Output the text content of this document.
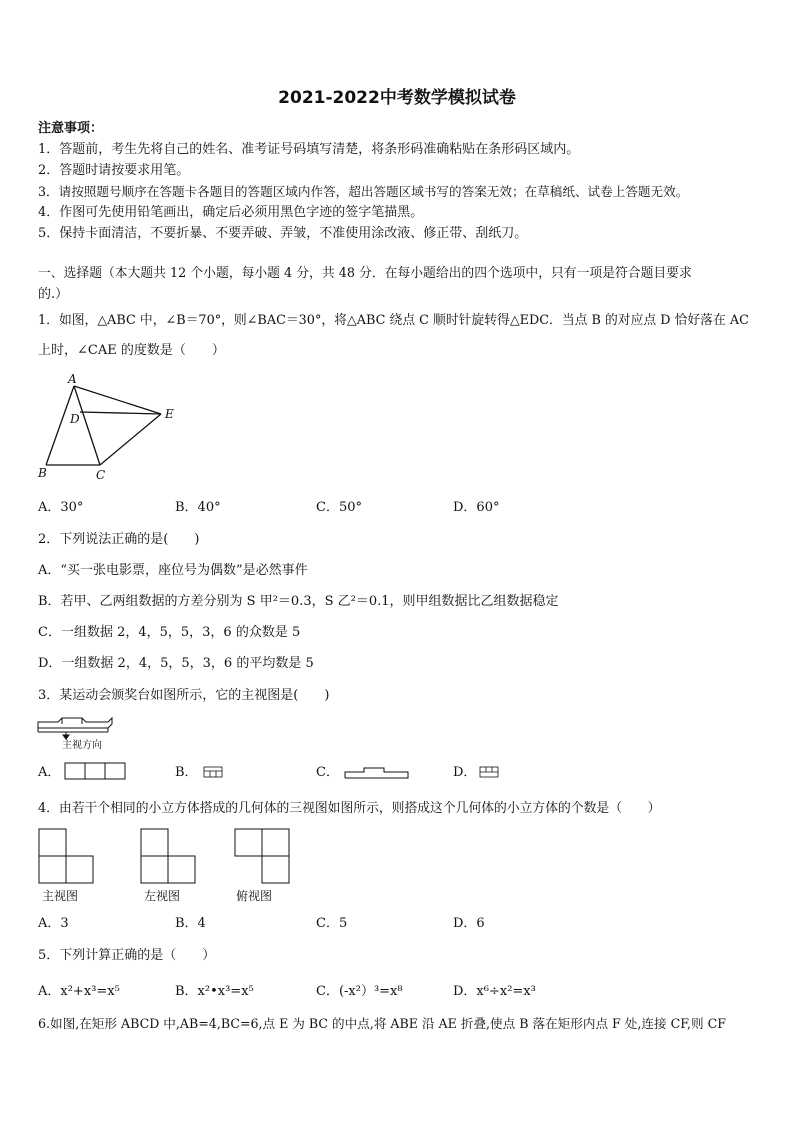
2021-2022中考数学模拟试卷
注意事项：
1．答题前，考生先将自己的姓名、准考证号码填写清楚，将条形码准确粘贴在条形码区域内。
2．答题时请按要求用笔。
3．请按照题号顺序在答题卡各题目的答题区域内作答，超出答题区域书写的答案无效；在草稿纸、试卷上答题无效。
4．作图可先使用铅笔画出，确定后必须用黑色字迹的签字笔描黑。
5．保持卡面清洁，不要折暴、不要弄破、弄皱，不准使用涂改液、修正带、刮纸刀。
一、选择题（本大题共 12 个小题，每小题 4 分，共 48 分．在每小题给出的四个选项中，只有一项是符合题目要求
的.）
1．如图，△ABC 中，∠B＝70°，则∠BAC＝30°，将△ABC 绕点 C 顺时针旋转得△EDC．当点 B 的对应点 D 恰好落在 AC
上时，∠CAE 的度数是（　　）
A
D	E
B	C
A．30°	B．40°	C．50°	D．60°
2．下列说法正确的是(　　)
A．“买一张电影票，座位号为偶数”是必然事件
B．若甲、乙两组数据的方差分别为 S 甲²＝0.3，S 乙²＝0.1，则甲组数据比乙组数据稳定
C．一组数据 2，4，5，5，3，6 的众数是 5
D．一组数据 2，4，5，5，3，6 的平均数是 5
3．某运动会颁奖台如图所示，它的主视图是(　　)
主视方向
A．	B．	C．	D．
4．由若干个相同的小立方体搭成的几何体的三视图如图所示，则搭成这个几何体的小立方体的个数是（　　）
主视图	左视图	俯视图
A．3	B．4	C．5	D．6
5．下列计算正确的是（　　）
A．x²+x³=x⁵	B．x²•x³=x⁵	C．(-x²）³=x⁸	D．x⁶÷x²=x³
6.如图,在矩形 ABCD 中,AB=4,BC=6,点 E 为 BC 的中点,将 ABE 沿 AE 折叠,使点 B 落在矩形内点 F 处,连接 CF,则 CF
